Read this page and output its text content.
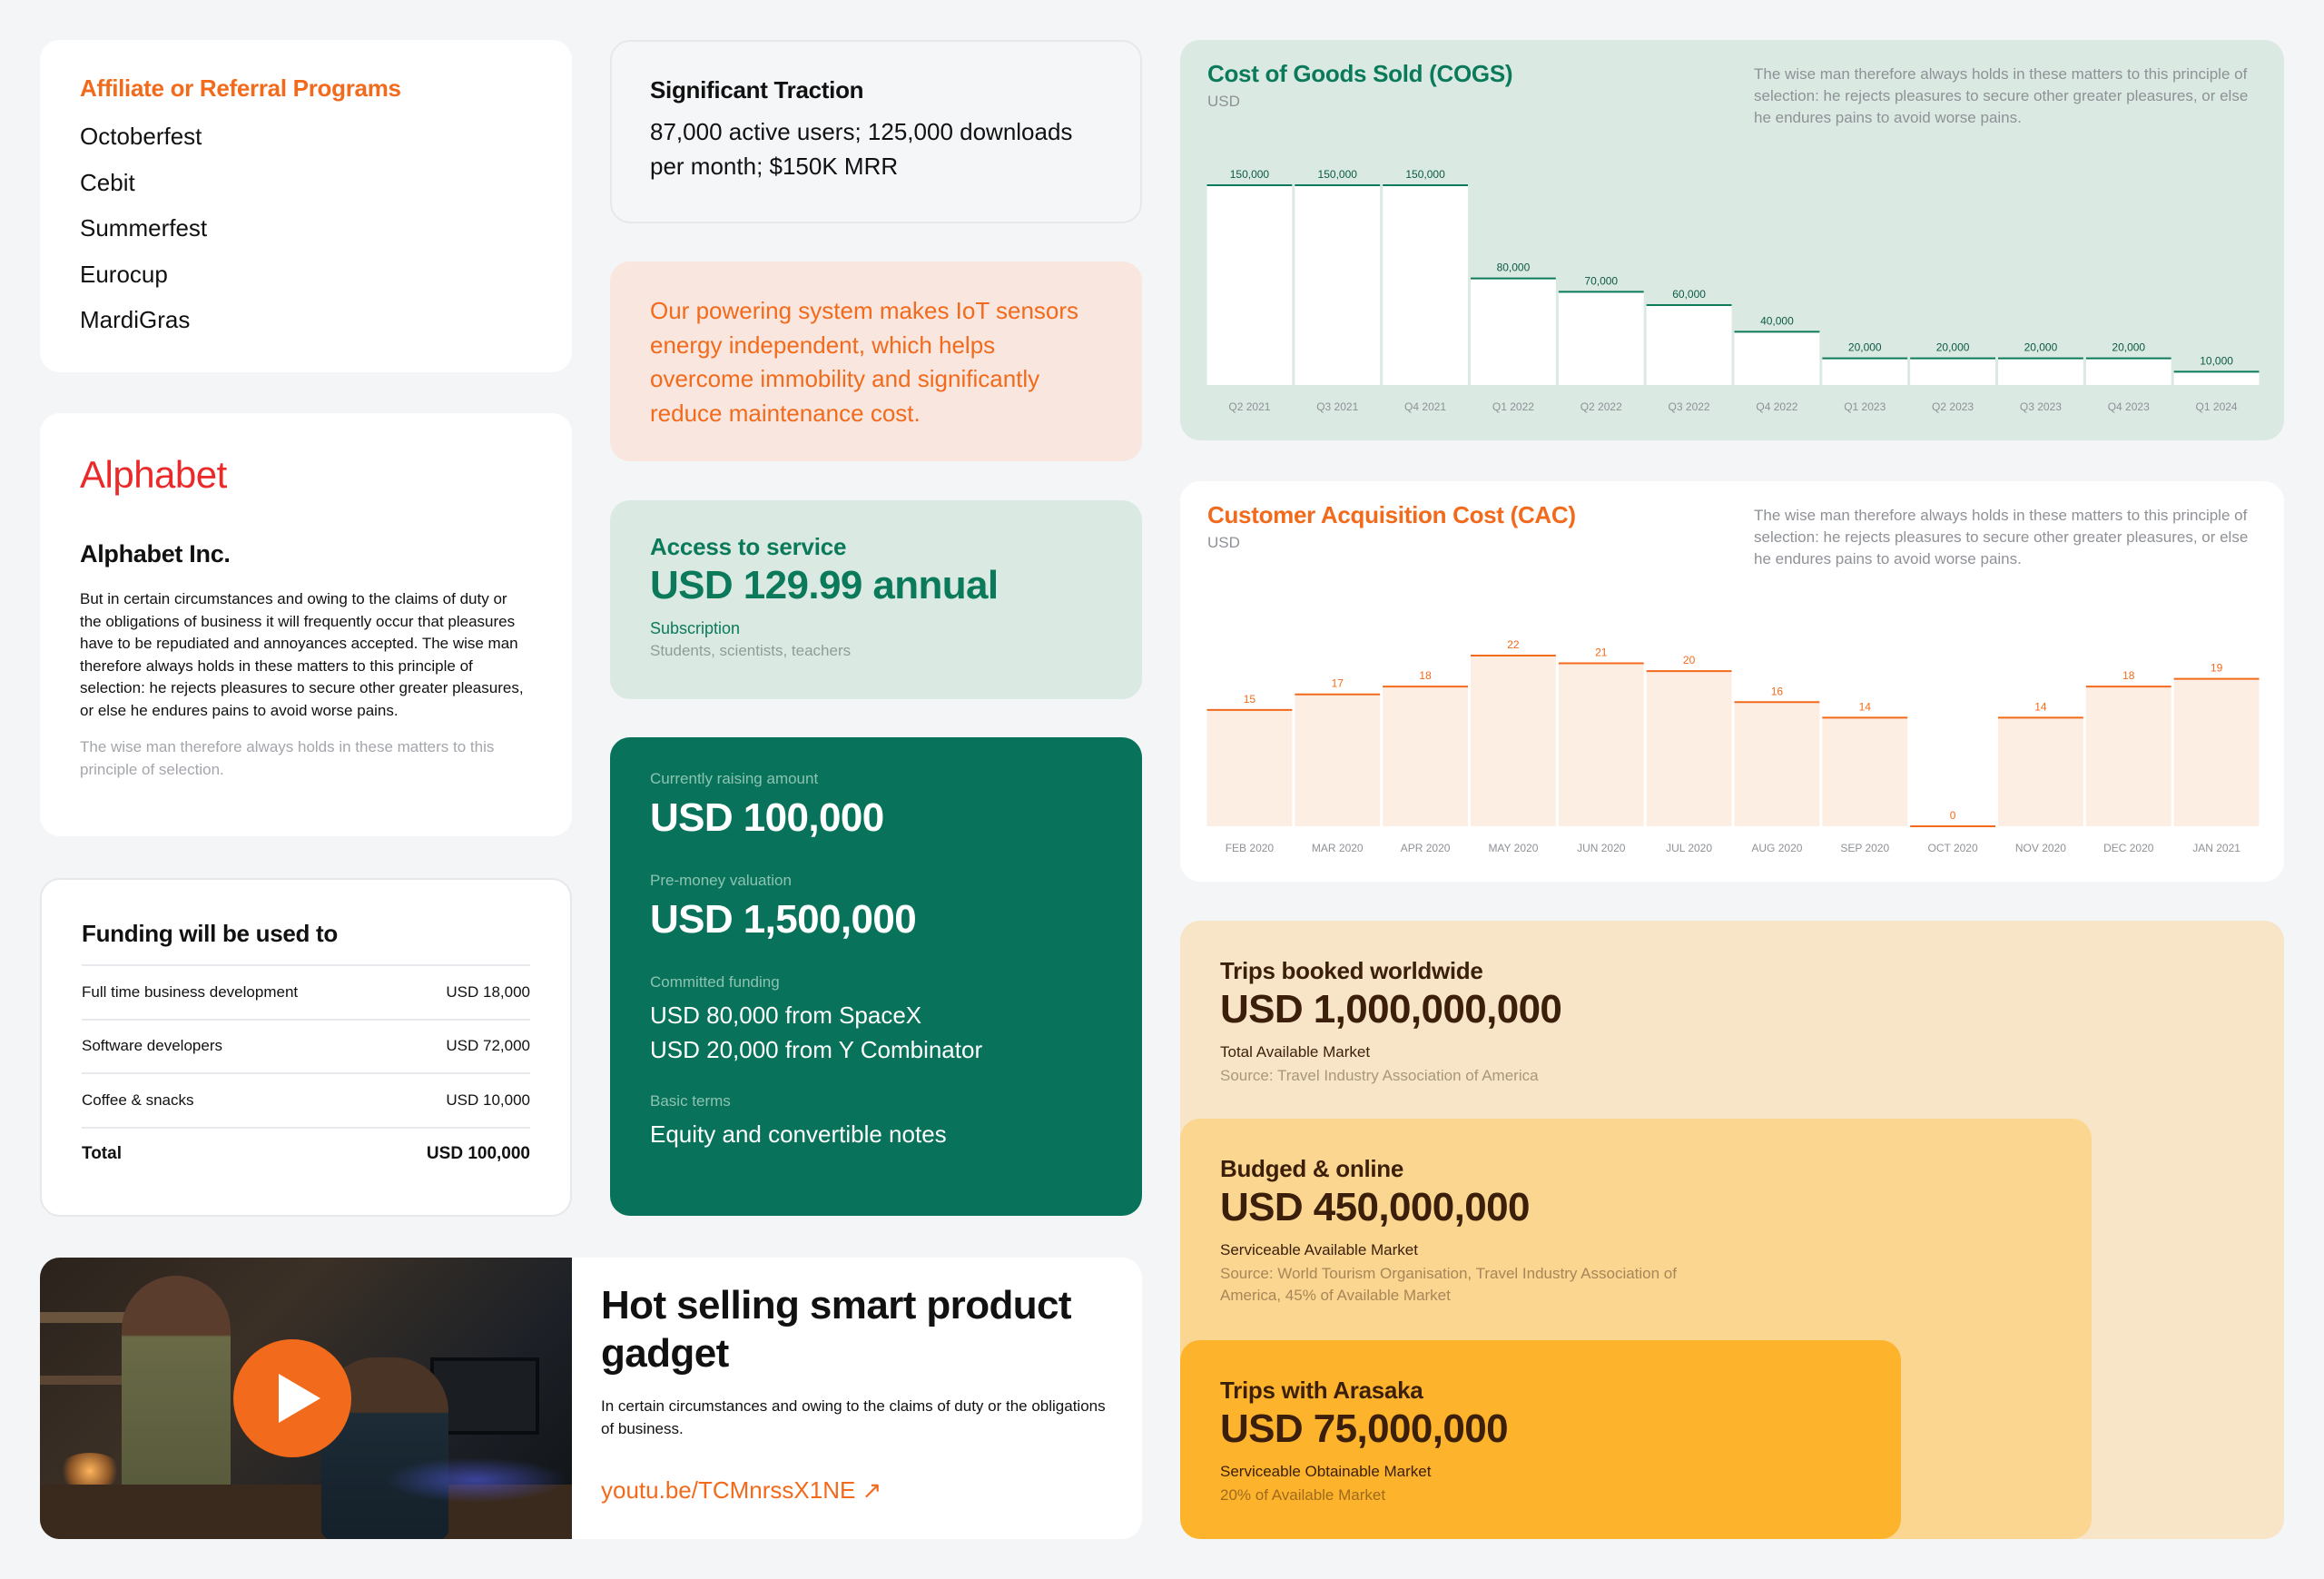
Affiliate or Referral Programs
Octoberfest
Cebit
Summerfest
Eurocup
MardiGras
Alphabet
Alphabet Inc.
But in certain circumstances and owing to the claims of duty or the obligations of business it will frequently occur that pleasures have to be repudiated and annoyances accepted. The wise man therefore always holds in these matters to this principle of selection: he rejects pleasures to secure other greater pleasures, or else he endures pains to avoid worse pains.
The wise man therefore always holds in these matters to this principle of selection.
Funding will be used to
Full time business development	USD 18,000
Software developers	USD 72,000
Coffee & snacks	USD 10,000
Total	USD 100,000
Hot selling smart product gadget
In certain circumstances and owing to the claims of duty or the obligations of business.
youtu.be/TCMnrssX1NE ↗
Significant Traction
87,000 active users; 125,000 downloads per month; $150K MRR
Our powering system makes IoT sensors energy independent, which helps overcome immobility and significantly reduce maintenance cost.
Access to service
USD 129.99 annual
Subscription
Students, scientists, teachers
Currently raising amount
USD 100,000
Pre-money valuation
USD 1,500,000
Committed funding
USD 80,000 from SpaceX
USD 20,000 from Y Combinator
Basic terms
Equity and convertible notes
Cost of Goods Sold (COGS)
USD
The wise man therefore always holds in these matters to this principle of selection: he rejects pleasures to secure other greater pleasures, or else he endures pains to avoid worse pains.
150,000
Q2 2021
150,000
Q3 2021
150,000
Q4 2021
80,000
Q1 2022
70,000
Q2 2022
60,000
Q3 2022
40,000
Q4 2022
20,000
Q1 2023
20,000
Q2 2023
20,000
Q3 2023
20,000
Q4 2023
10,000
Q1 2024
Customer Acquisition Cost (CAC)
USD
The wise man therefore always holds in these matters to this principle of selection: he rejects pleasures to secure other greater pleasures, or else he endures pains to avoid worse pains.
15
FEB 2020
17
MAR 2020
18
APR 2020
22
MAY 2020
21
JUN 2020
20
JUL 2020
16
AUG 2020
14
SEP 2020
0
OCT 2020
14
NOV 2020
18
DEC 2020
19
JAN 2021
Trips booked worldwide
USD 1,000,000,000
Total Available Market
Source: Travel Industry Association of America
Budged & online
USD 450,000,000
Serviceable Available Market
Source: World Tourism Organisation, Travel Industry Association of America, 45% of Available Market
Trips with Arasaka
USD 75,000,000
Serviceable Obtainable Market
20% of Available Market
